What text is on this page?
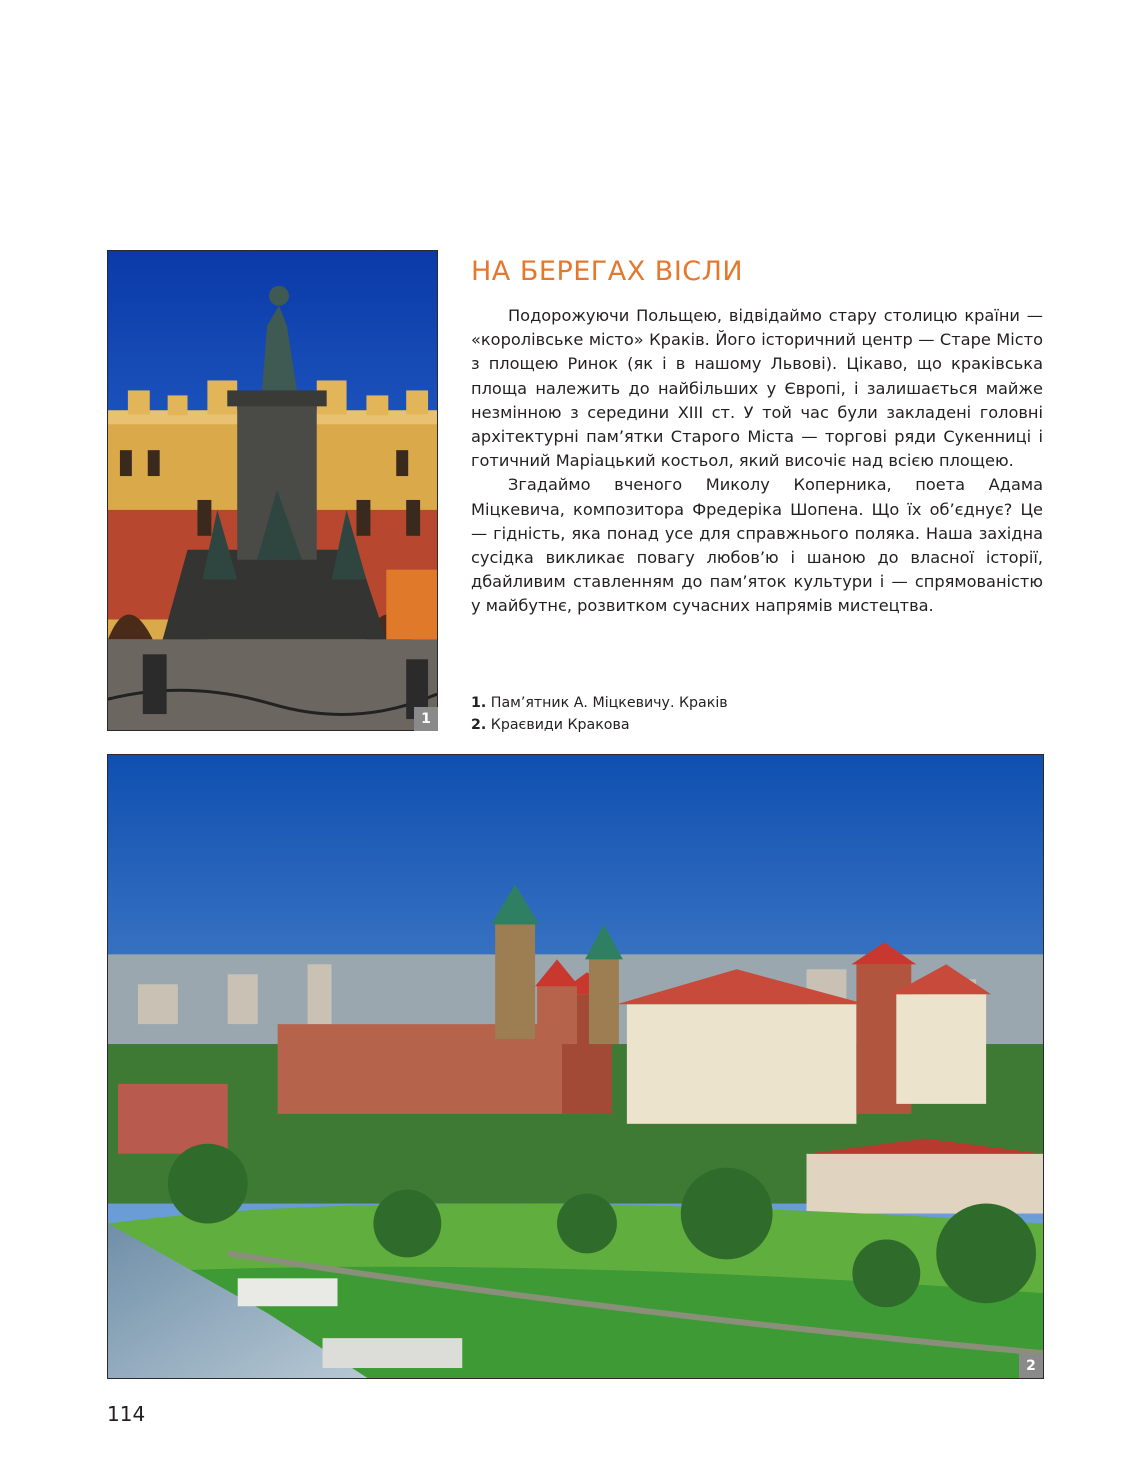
1
НА БЕРЕГАХ ВІСЛИ

Подорожуючи Польщею, відвідаймо стару столицю країни — «королівське місто» Краків. Його історичний центр — Старе Місто з площею Ринок (як і в нашому Львові). Цікаво, що краківська площа належить до найбільших у Європі, і залишається майже незмінною з середини XIII ст. У той час були закладені головні архітектурні пам’ятки Старого Міста — торгові ряди Сукенниці і готичний Маріацький костьол, який височіє над всією площею.

Згадаймо вченого Миколу Коперника, поета Адама Міцкевича, композитора Фредеріка Шопена. Що їх об’єднує? Це — гідність, яка понад усе для справжнього поляка. Наша західна сусідка викликає повагу любов’ю і шаною до власної історії, дбайливим ставленням до пам’яток культури і — спрямованістю у майбутнє, розвитком сучасних напрямів мистецтва.

1. Пам’ятник А. Міцкевичу. Краків
2. Краєвиди Кракова
2
114
